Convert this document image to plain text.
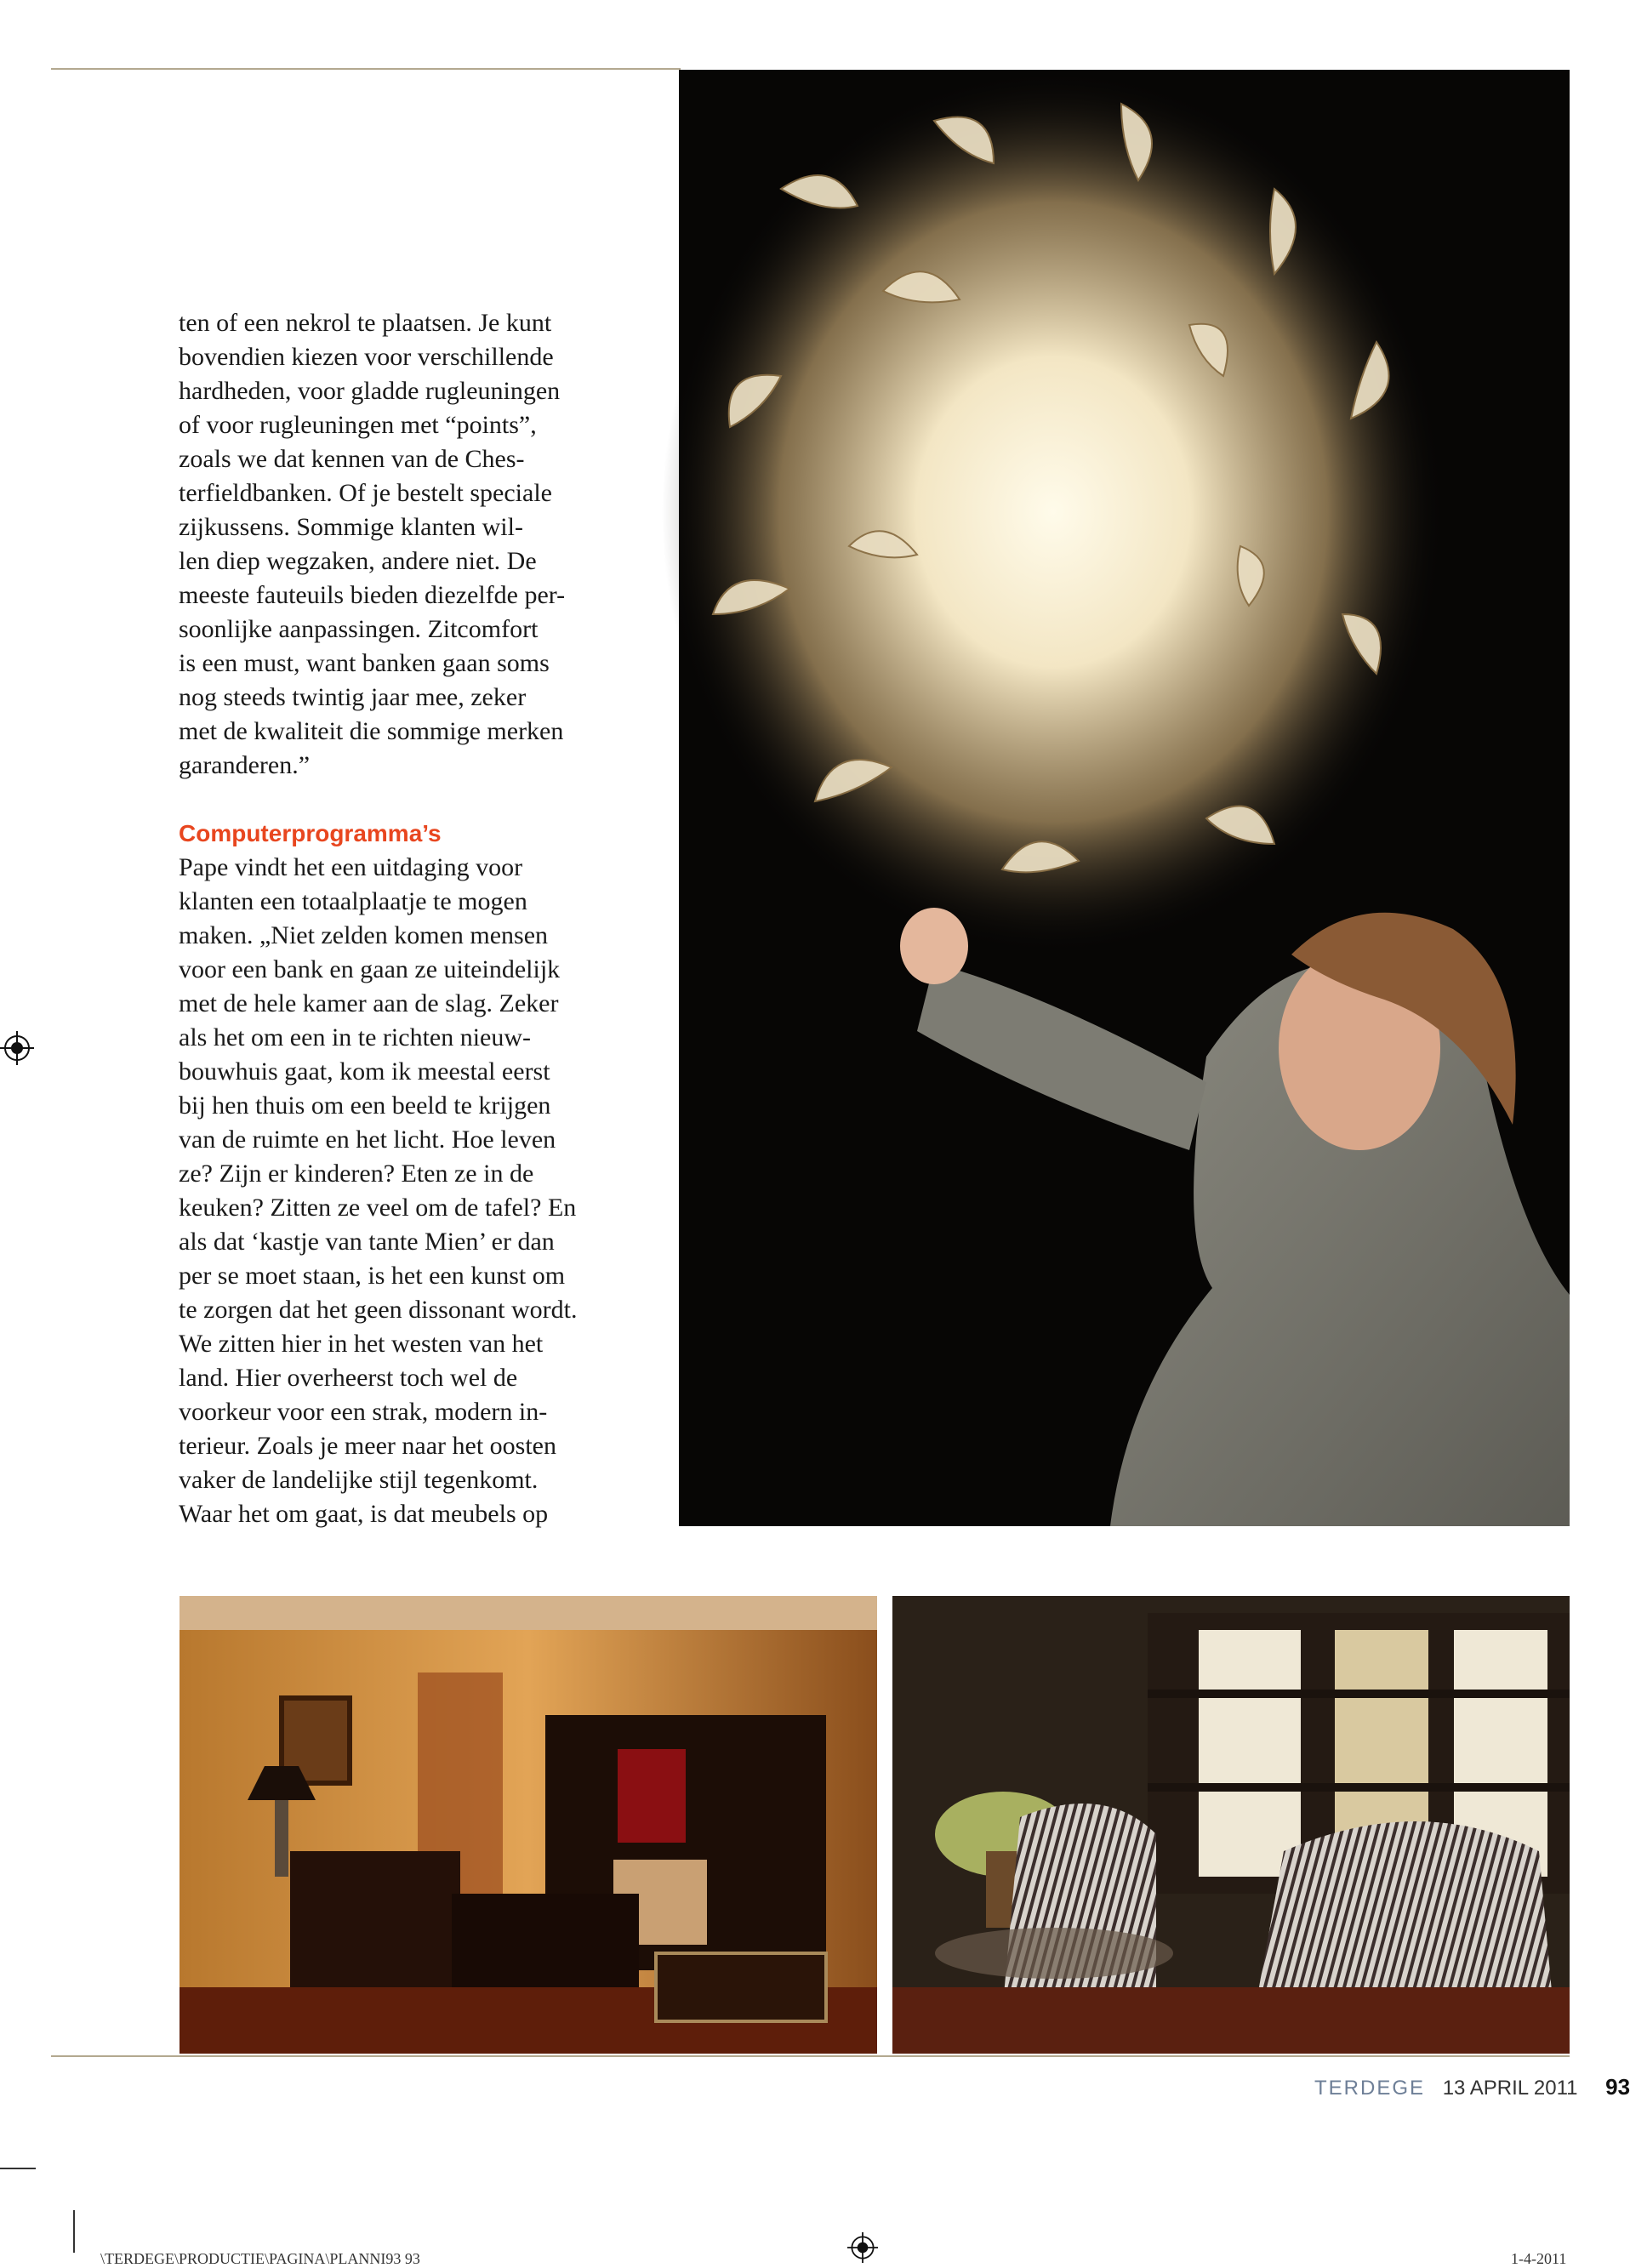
ten of een nekrol te plaatsen. Je kunt
bovendien kiezen voor verschillende
hardheden, voor gladde rugleuningen
of voor rugleuningen met “points”,
zoals we dat kennen van de Ches-
terfieldbanken. Of je bestelt speciale
zijkussens. Sommige klanten wil-
len diep wegzaken, andere niet. De
meeste fauteuils bieden diezelfde per-
soonlijke aanpassingen. Zitcomfort
is een must, want banken gaan soms
nog steeds twintig jaar mee, zeker
met de kwaliteit die sommige merken
garanderen.”

Computerprogramma’s

Pape vindt het een uitdaging voor
klanten een totaalplaatje te mogen
maken. „Niet zelden komen mensen
voor een bank en gaan ze uiteindelijk
met de hele kamer aan de slag. Zeker
als het om een in te richten nieuw-
bouwhuis gaat, kom ik meestal eerst
bij hen thuis om een beeld te krijgen
van de ruimte en het licht. Hoe leven
ze? Zijn er kinderen? Eten ze in de
keuken? Zitten ze veel om de tafel? En
als dat ‘kastje van tante Mien’ er dan
per se moet staan, is het een kunst om
te zorgen dat het geen dissonant wordt.
We zitten hier in het westen van het
land. Hier overheerst toch wel de
voorkeur voor een strak, modern in-
terieur. Zoals je meer naar het oosten
vaker de landelijke stijl tegenkomt.
Waar het om gaat, is dat meubels op

TERDEGE 13 APRIL 2011 93
\TERDEGE\PRODUCTIE\PAGINA\PLANNI93 93	1-4-2011
